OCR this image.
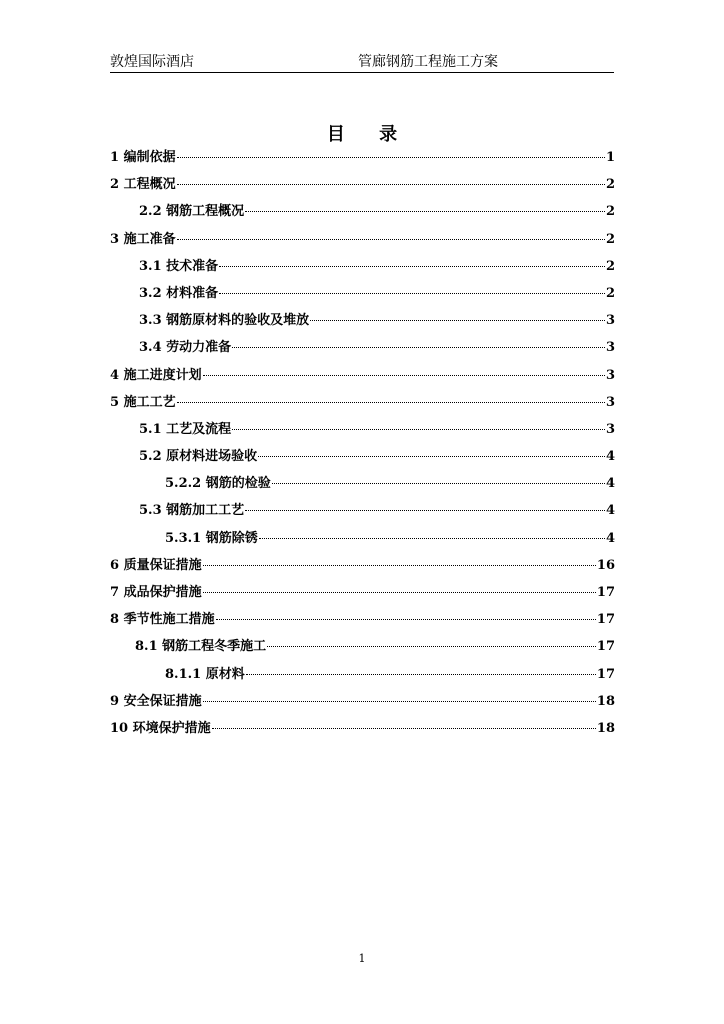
敦煌国际酒店	管廊钢筋工程施工方案
目 录
1 编制依据	1
2 工程概况	2
2.2 钢筋工程概况	2
3 施工准备	2
3.1 技术准备	2
3.2 材料准备	2
3.3 钢筋原材料的验收及堆放	3
3.4 劳动力准备	3
4 施工进度计划	3
5 施工工艺	3
5.1 工艺及流程	3
5.2 原材料进场验收	4
5.2.2 钢筋的检验	4
5.3 钢筋加工工艺	4
5.3.1 钢筋除锈	4
6 质量保证措施	16
7 成品保护措施	17
8 季节性施工措施	17
8.1 钢筋工程冬季施工	17
8.1.1 原材料	17
9 安全保证措施	18
10 环境保护措施	18
1
